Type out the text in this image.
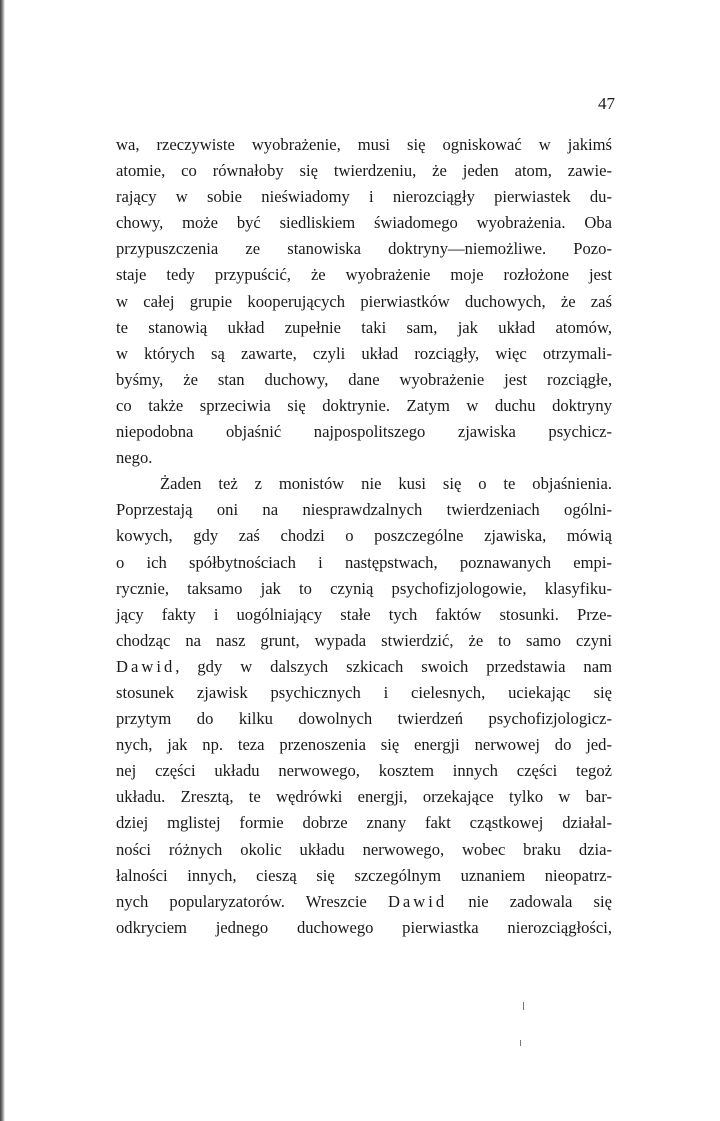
47
wa, rzeczywiste wyobrażenie, musi się ogniskować w jakimś
atomie, co równałoby się twierdzeniu, że jeden atom, zawie-
rający w sobie nieświadomy i nierozciągły pierwiastek du-
chowy, może być siedliskiem świadomego wyobrażenia. Oba
przypuszczenia ze stanowiska doktryny—niemożliwe. Pozo-
staje tedy przypuścić, że wyobrażenie moje rozłożone jest
w całej grupie kooperujących pierwiastków duchowych, że zaś
te stanowią układ zupełnie taki sam, jak układ atomów,
w których są zawarte, czyli układ rozciągły, więc otrzymali-
byśmy, że stan duchowy, dane wyobrażenie jest rozciągłe,
co także sprzeciwia się doktrynie. Zatym w duchu doktryny
niepodobna objaśnić najpospolitszego zjawiska psychicz-
nego.
Żaden też z monistów nie kusi się o te objaśnienia.
Poprzestają oni na niesprawdzalnych twierdzeniach ogólni-
kowych, gdy zaś chodzi o poszczególne zjawiska, mówią
o ich spółbytnościach i następstwach, poznawanych empi-
rycznie, taksamo jak to czynią psychofizjologowie, klasyfiku-
jący fakty i uogólniający stałe tych faktów stosunki. Prze-
chodząc na nasz grunt, wypada stwierdzić, że to samo czyni
Dawid, gdy w dalszych szkicach swoich przedstawia nam
stosunek zjawisk psychicznych i cielesnych, uciekając się
przytym do kilku dowolnych twierdzeń psychofizjologicz-
nych, jak np. teza przenoszenia się energji nerwowej do jed-
nej części układu nerwowego, kosztem innych części tegoż
układu. Zresztą, te wędrówki energji, orzekające tylko w bar-
dziej mglistej formie dobrze znany fakt cząstkowej działal-
ności różnych okolic układu nerwowego, wobec braku dzia-
łalności innych, cieszą się szczególnym uznaniem nieopatrz-
nych popularyzatorów. Wreszcie Dawid nie zadowala się
odkryciem jednego duchowego pierwiastka nierozciągłości,
